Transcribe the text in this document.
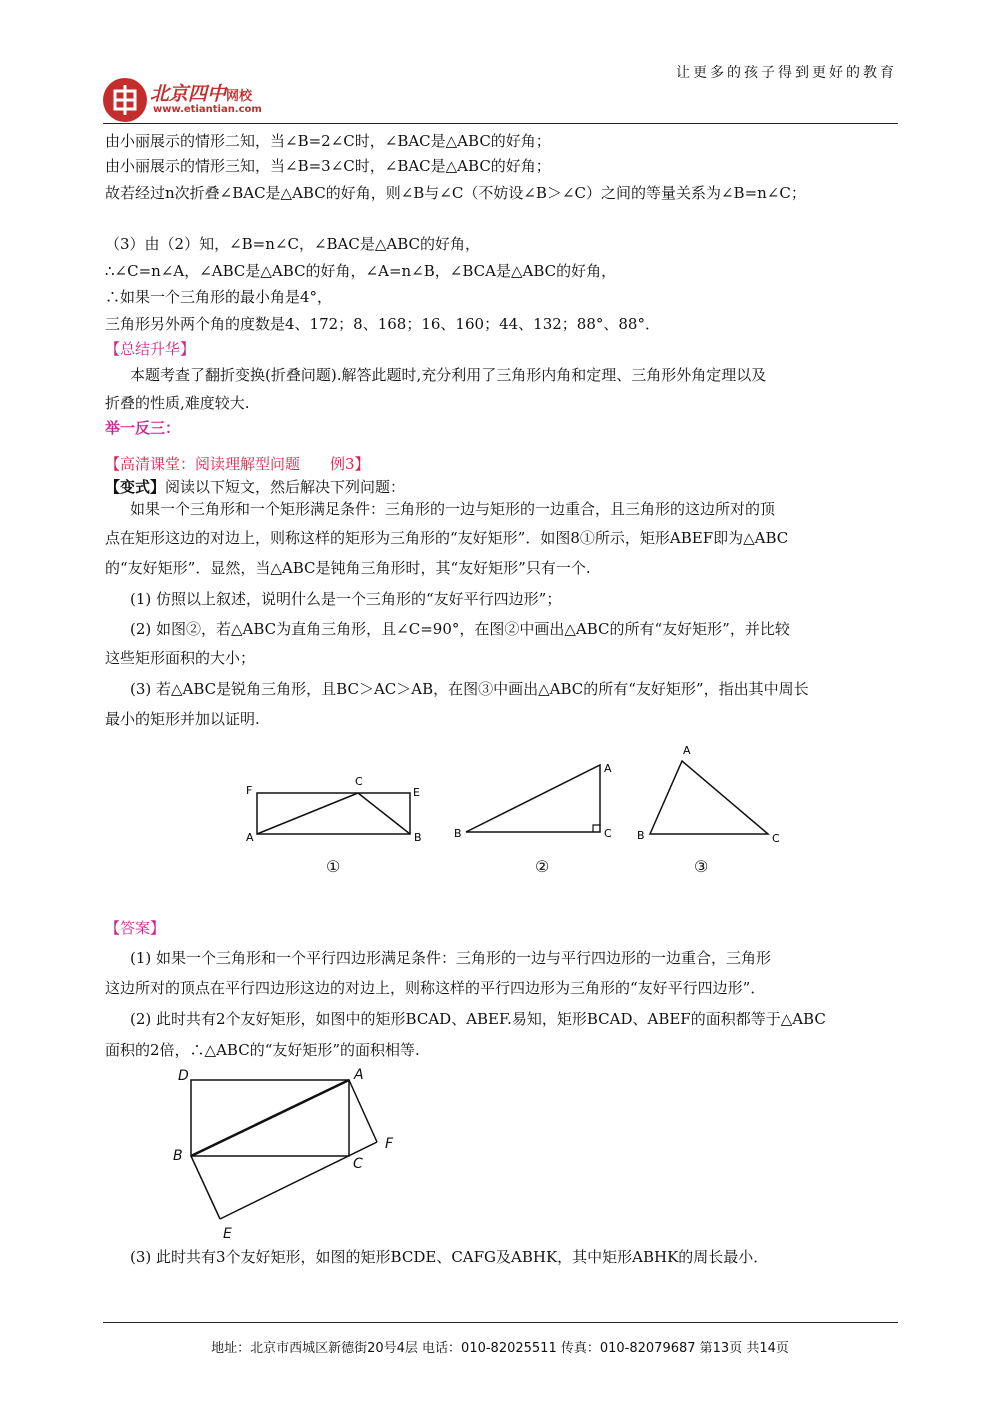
北京四中网校
www.etiantian.com
让更多的孩子得到更好的教育
由小丽展示的情形二知，当∠B=2∠C时，∠BAC是△ABC的好角；
由小丽展示的情形三知，当∠B=3∠C时，∠BAC是△ABC的好角；
故若经过n次折叠∠BAC是△ABC的好角，则∠B与∠C（不妨设∠B＞∠C）之间的等量关系为∠B=n∠C；
（3）由（2）知，∠B=n∠C，∠BAC是△ABC的好角，
∴∠C=n∠A，∠ABC是△ABC的好角，∠A=n∠B，∠BCA是△ABC的好角，
∴如果一个三角形的最小角是4°，
三角形另外两个角的度数是4、172；8、168；16、160；44、132；88°、88°．
【总结升华】
本题考查了翻折变换(折叠问题).解答此题时,充分利用了三角形内角和定理、三角形外角定理以及
折叠的性质,难度较大.
举一反三：
【高清课堂：阅读理解型问题　　例3】
【变式】阅读以下短文，然后解决下列问题：
如果一个三角形和一个矩形满足条件：三角形的一边与矩形的一边重合，且三角形的这边所对的顶
点在矩形这边的对边上，则称这样的矩形为三角形的“友好矩形”．如图8①所示，矩形ABEF即为△ABC
的“友好矩形”．显然，当△ABC是钝角三角形时，其“友好矩形”只有一个.
(1) 仿照以上叙述，说明什么是一个三角形的“友好平行四边形”；
(2) 如图②，若△ABC为直角三角形，且∠C=90°，在图②中画出△ABC的所有“友好矩形”，并比较
这些矩形面积的大小；
(3) 若△ABC是锐角三角形，且BC＞AC＞AB，在图③中画出△ABC的所有“友好矩形”，指出其中周长
最小的矩形并加以证明.
F
C
E
A	B	B
A
C
A
B	C
①	②	③
【答案】
(1) 如果一个三角形和一个平行四边形满足条件：三角形的一边与平行四边形的一边重合，三角形
这边所对的顶点在平行四边形这边的对边上，则称这样的平行四边形为三角形的“友好平行四边形”．
(2) 此时共有2个友好矩形，如图中的矩形BCAD、ABEF.易知，矩形BCAD、ABEF的面积都等于△ABC
面积的2倍，∴△ABC的“友好矩形”的面积相等.
D	A
B	C
F
E
(3) 此时共有3个友好矩形，如图的矩形BCDE、CAFG及ABHK，其中矩形ABHK的周长最小．
地址：北京市西城区新德街20号4层 电话：010-82025511 传真：010-82079687 第13页 共14页
